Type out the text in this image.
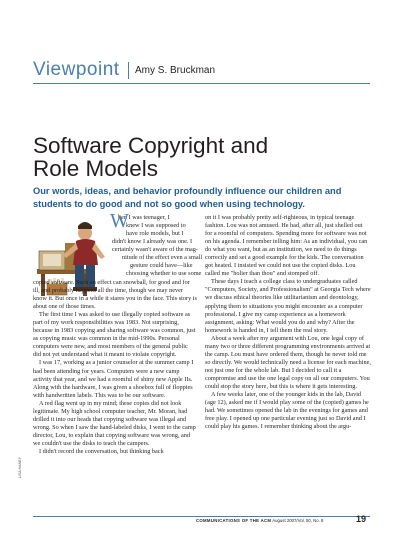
Viewpoint Amy S. Bruckman
Software Copyright and
Role Models
Our words, ideas, and behavior profoundly influence our children and students to do good and not so good when using technology.
hen I was teenager, I
knew I was supposed to
have role models, but I
didn't know I already was one. I
certainly wasn't aware of the mag-
nitude of the effect even a small
gesture could have—like
choosing whether to use some
W

copied software. Such an effect can snowball, for good and for ill, and probably happens all the time, though we may never know it. But once in a while it stares you in the face. This story is about one of those times.

The first time I was asked to use illegally copied software as part of my work responsibilities was 1983. Not surprising, because in 1983 copying and sharing software was common, just as copying music was common in the mid-1990s. Personal computers were new, and most members of the general public did not yet understand what it meant to violate copyright.

I was 17, working as a junior counselor at the summer camp I had been attending for years. Computers were a new camp activity that year, and we had a roomful of shiny new Apple IIs. Along with the hardware, I was given a shoebox full of floppies with handwritten labels. This was to be our software.

A red flag went up in my mind; these copies did not look legitimate. My high school computer teacher, Mr. Moran, had drilled it into our heads that copying software was illegal and wrong. So when I saw the hand-labeled disks, I went to the camp director, Lou, to explain that copying software was wrong, and we couldn't use the disks to teach the campers.

I didn't record the conversation, but thinking back

on it I was probably pretty self-righteous, in typical teenage fashion. Lou was not amused. He had, after all, just shelled out for a roomful of computers. Spending more for software was not on his agenda. I remember telling him: As an individual, you can do what you want, but as an institution, we need to do things correctly and set a good example for the kids. The conversation got heated. I insisted we could not use the copied disks. Lou called me "holier than thou" and stomped off.

These days I teach a college class to undergraduates called "Computers, Society, and Professionalism" at Georgia Tech where we discuss ethical theories like utilitarianism and deontology, applying them to situations you might encounter as a computer professional. I give my camp experience as a homework assignment, asking: What would you do and why? After the homework is handed in, I tell them the real story.

About a week after my argument with Lou, one legal copy of many two or three different programming environments arrived at the camp. Lou must have ordered them, though he never told me so directly. We would technically need a license for each machine, not just one for the whole lab. But I decided to call it a compromise and use the one legal copy on all our computers. You could stop the story here, but this is where it gets interesting.

A few weeks later, one of the younger kids in the lab, David (age 12), asked me if I would play some of the (copied) games he had. We sometimes opened the lab in the evenings for games and free play. I opened up one particular evening just so David and I could play his games. I remember thinking about the argu-

LISA HANEY
COMMUNICATIONS OF THE ACM August 2007/Vol. 50, No. 8	19
